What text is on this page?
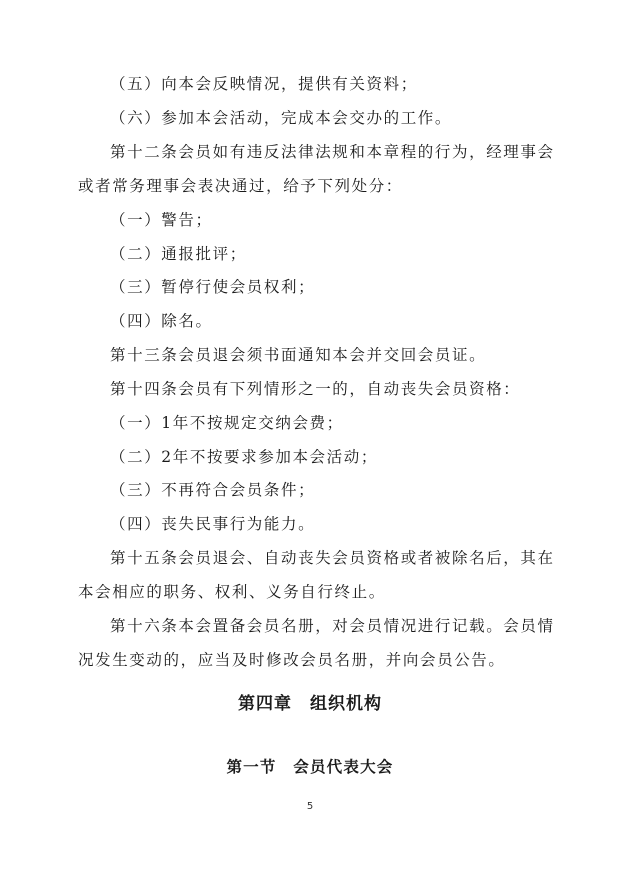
（五）向本会反映情况，提供有关资料；
（六）参加本会活动，完成本会交办的工作。
第十二条会员如有违反法律法规和本章程的行为，经理事会
或者常务理事会表决通过，给予下列处分：
（一）警告；
（二）通报批评；
（三）暂停行使会员权利；
（四）除名。
第十三条会员退会须书面通知本会并交回会员证。
第十四条会员有下列情形之一的，自动丧失会员资格：
（一）1年不按规定交纳会费；
（二）2年不按要求参加本会活动；
（三）不再符合会员条件；
（四）丧失民事行为能力。
第十五条会员退会、自动丧失会员资格或者被除名后，其在
本会相应的职务、权利、义务自行终止。
第十六条本会置备会员名册，对会员情况进行记载。会员情
况发生变动的，应当及时修改会员名册，并向会员公告。
第四章　组织机构
第一节　会员代表大会
5
